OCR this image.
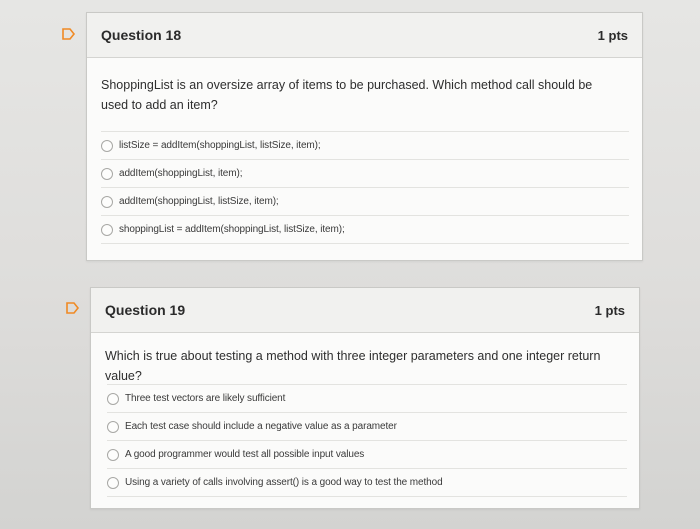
Question 18	1 pts
ShoppingList is an oversize array of items to be purchased. Which method call should be used to add an item?
listSize = addItem(shoppingList, listSize, item);
addItem(shoppingList, item);
addItem(shoppingList, listSize, item);
shoppingList = addItem(shoppingList, listSize, item);
Question 19	1 pts
Which is true about testing a method with three integer parameters and one integer return value?
Three test vectors are likely sufficient
Each test case should include a negative value as a parameter
A good programmer would test all possible input values
Using a variety of calls involving assert() is a good way to test the method
